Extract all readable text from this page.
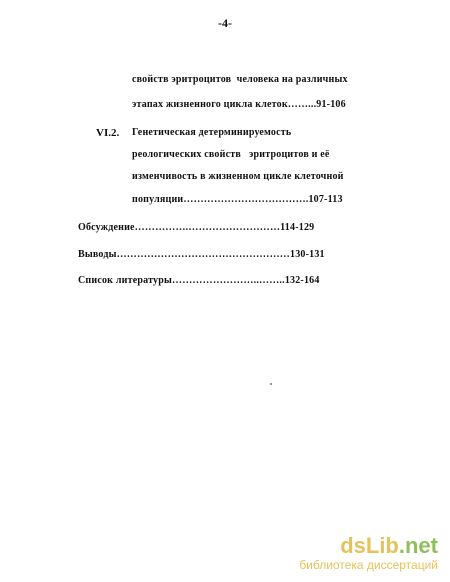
-4-
свойств эритроцитов  человека на различных
этапах жизненного цикла клеток……...91-106
VI.2. Генетическая детерминируемость
реологических свойств   эритроцитов и её
изменчивость в жизненном цикле клеточной
популяции……………………………….107-113
Обсуждение…………….………………………114-129
Выводы……………………………………………130-131
Список литературы……………………..……..132-164
dsLib.net
библиотека диссертаций
